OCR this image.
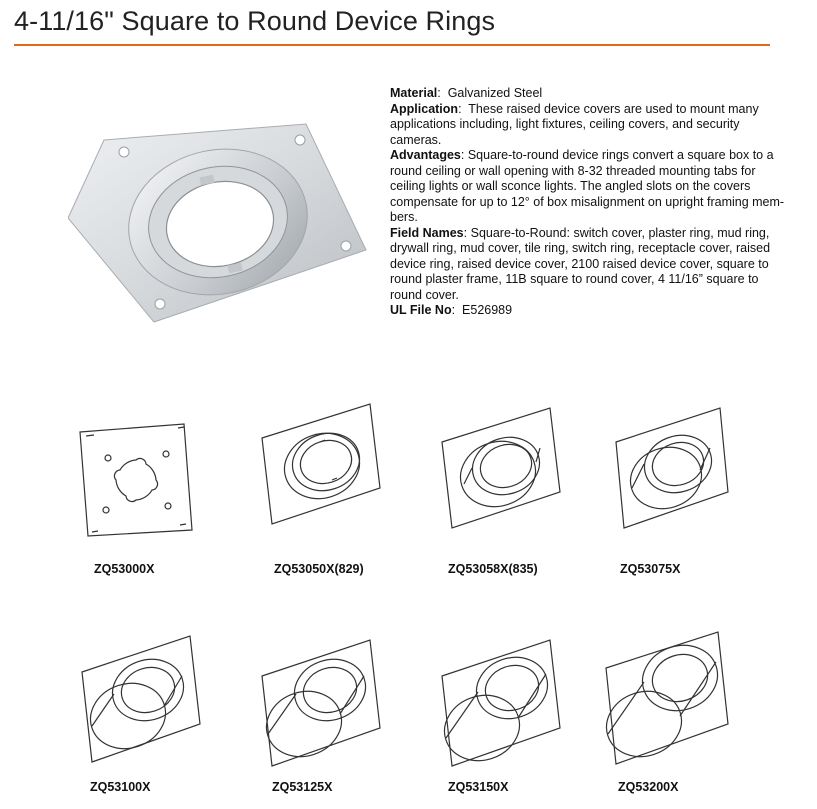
4-11/16" Square to Round Device Rings

Material: Galvanized Steel

Application: These raised device covers are used to mount many applications including, light fixtures, ceiling covers, and security cameras.

Advantages: Square-to-round device rings convert a square box to a round ceiling or wall opening with 8-32 threaded mounting tabs for ceiling lights or wall sconce lights. The angled slots on the covers compensate for up to 12° of box misalignment on upright framing mem-bers.

Field Names: Square-to-Round: switch cover, plaster ring, mud ring, drywall ring, mud cover, tile ring, switch ring, receptacle cover, raised device ring, raised device cover, 2100 raised device cover, square to round plaster frame, 11B square to round cover, 4 11/16” square to round cover.

UL File No: E526989

ZQ53000X	ZQ53050X(829)	ZQ53058X(835)	ZQ53075X
ZQ53100X	ZQ53125X	ZQ53150X	ZQ53200X
